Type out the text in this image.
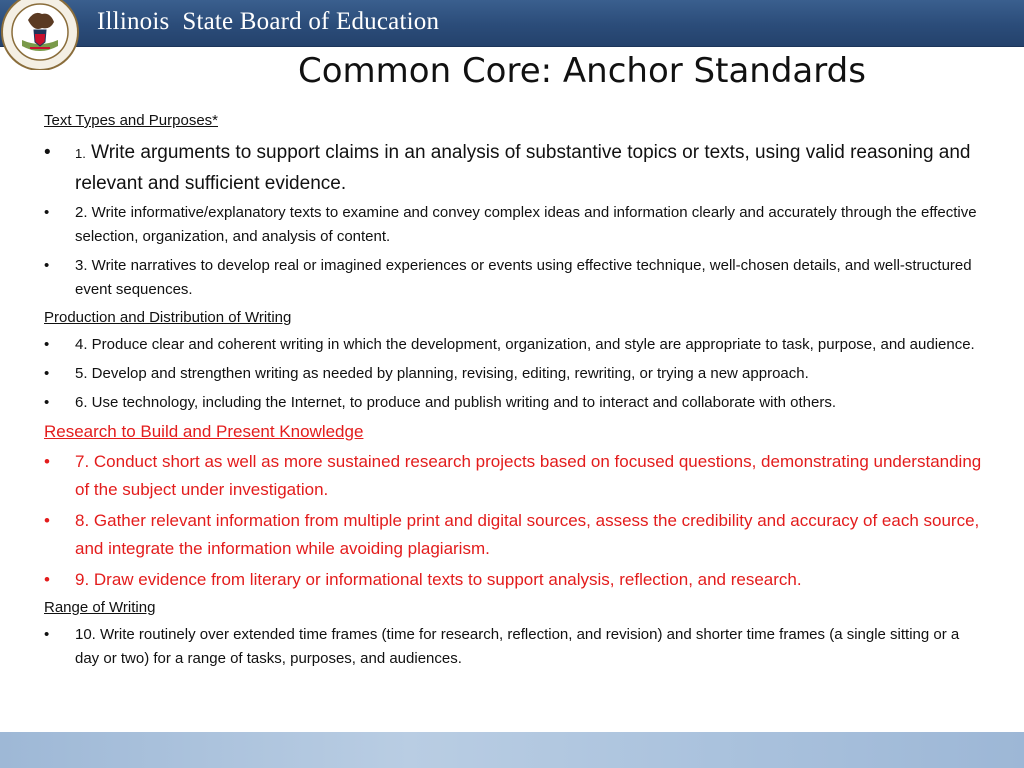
Illinois  State Board of Education
Common Core: Anchor Standards
Text Types and Purposes*
• 1. Write arguments to support claims in an analysis of substantive topics or texts, using valid reasoning and relevant and sufficient evidence.
• 2. Write informative/explanatory texts to examine and convey complex ideas and information clearly and accurately through the effective selection, organization, and analysis of content.
• 3. Write narratives to develop real or imagined experiences or events using effective technique, well-chosen details, and well-structured event sequences.
Production and Distribution of Writing
• 4. Produce clear and coherent writing in which the development, organization, and style are appropriate to task, purpose, and audience.
• 5. Develop and strengthen writing as needed by planning, revising, editing, rewriting, or trying a new approach.
• 6. Use technology, including the Internet, to produce and publish writing and to interact and collaborate with others.
Research to Build and Present Knowledge
• 7. Conduct short as well as more sustained research projects based on focused questions, demonstrating understanding of the subject under investigation.
• 8. Gather relevant information from multiple print and digital sources, assess the credibility and accuracy of each source, and integrate the information while avoiding plagiarism.
• 9. Draw evidence from literary or informational texts to support analysis, reflection, and research.
Range of Writing
• 10. Write routinely over extended time frames (time for research, reflection, and revision) and shorter time frames (a single sitting or a day or two) for a range of tasks, purposes, and audiences.
